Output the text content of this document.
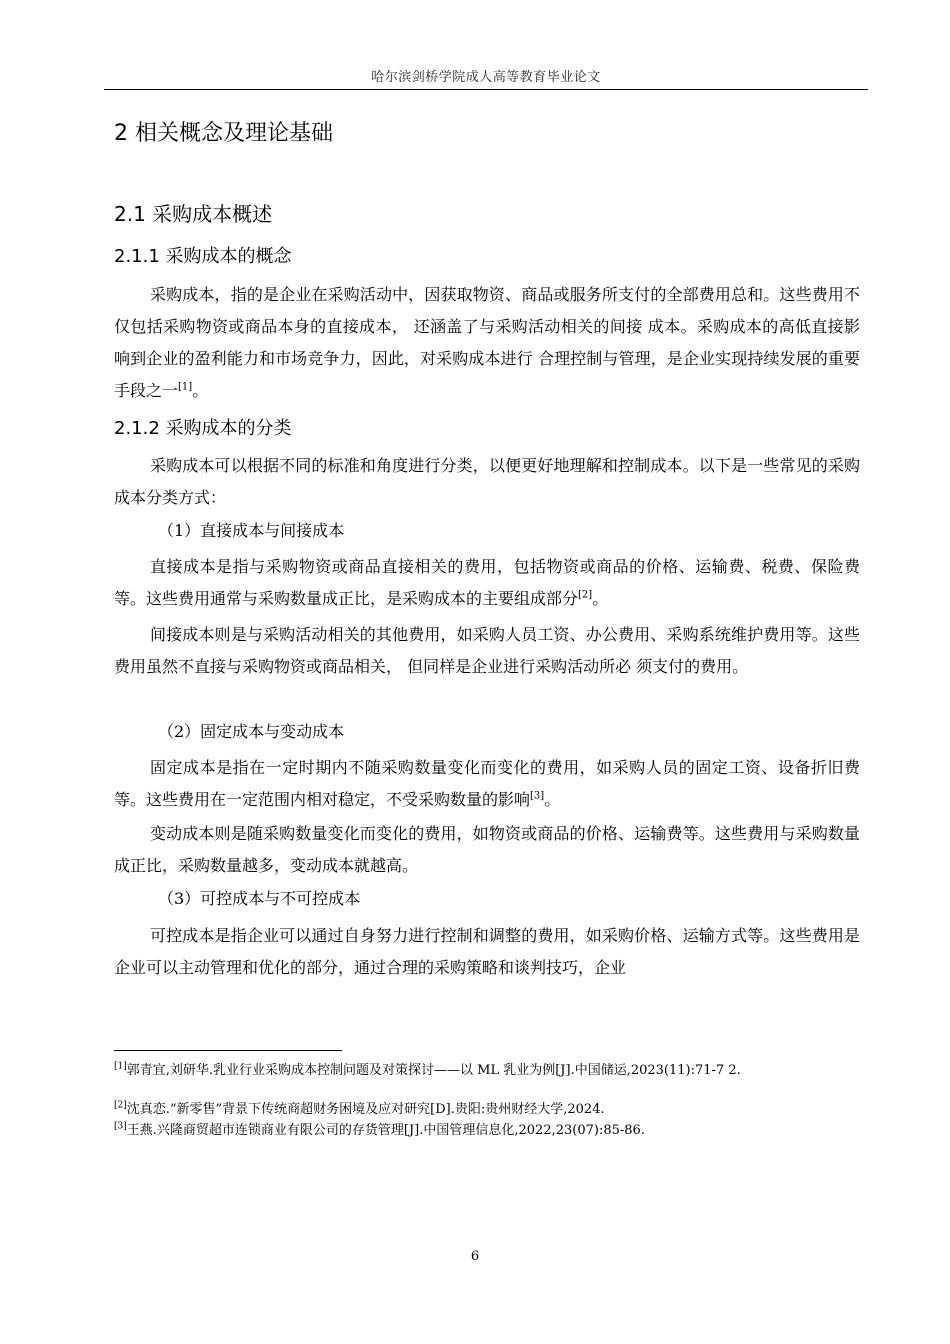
哈尔滨剑桥学院成人高等教育毕业论文
2 相关概念及理论基础
2.1 采购成本概述
2.1.1 采购成本的概念

采购成本，指的是企业在采购活动中，因获取物资、商品或服务所支付的全部费用总和。这些费用不仅包括采购物资或商品本身的直接成本， 还涵盖了与采购活动相关的间接 成本。采购成本的高低直接影响到企业的盈利能力和市场竞争力，因此，对采购成本进行 合理控制与管理，是企业实现持续发展的重要手段之一[1]。

2.1.2 采购成本的分类

采购成本可以根据不同的标准和角度进行分类，以便更好地理解和控制成本。以下是一些常见的采购成本分类方式：

（1）直接成本与间接成本

直接成本是指与采购物资或商品直接相关的费用，包括物资或商品的价格、运输费、税费、保险费等。这些费用通常与采购数量成正比，是采购成本的主要组成部分[2]。

间接成本则是与采购活动相关的其他费用，如采购人员工资、办公费用、采购系统维护费用等。这些费用虽然不直接与采购物资或商品相关， 但同样是企业进行采购活动所必 须支付的费用。

（2）固定成本与变动成本

固定成本是指在一定时期内不随采购数量变化而变化的费用，如采购人员的固定工资、设备折旧费等。这些费用在一定范围内相对稳定，不受采购数量的影响[3]。

变动成本则是随采购数量变化而变化的费用，如物资或商品的价格、运输费等。这些费用与采购数量成正比，采购数量越多，变动成本就越高。

（3）可控成本与不可控成本

可控成本是指企业可以通过自身努力进行控制和调整的费用，如采购价格、运输方式等。这些费用是企业可以主动管理和优化的部分，通过合理的采购策略和谈判技巧，企业

[1]郭青宜,刘研华.乳业行业采购成本控制问题及对策探讨——以 ML 乳业为例[J].中国储运,2023(11):71-7 2.

[2]沈真恋.“新零售”背景下传统商超财务困境及应对研究[D].贵阳:贵州财经大学,2024.

[3]王燕.兴隆商贸超市连锁商业有限公司的存货管理[J].中国管理信息化,2022,23(07):85-86.

6
